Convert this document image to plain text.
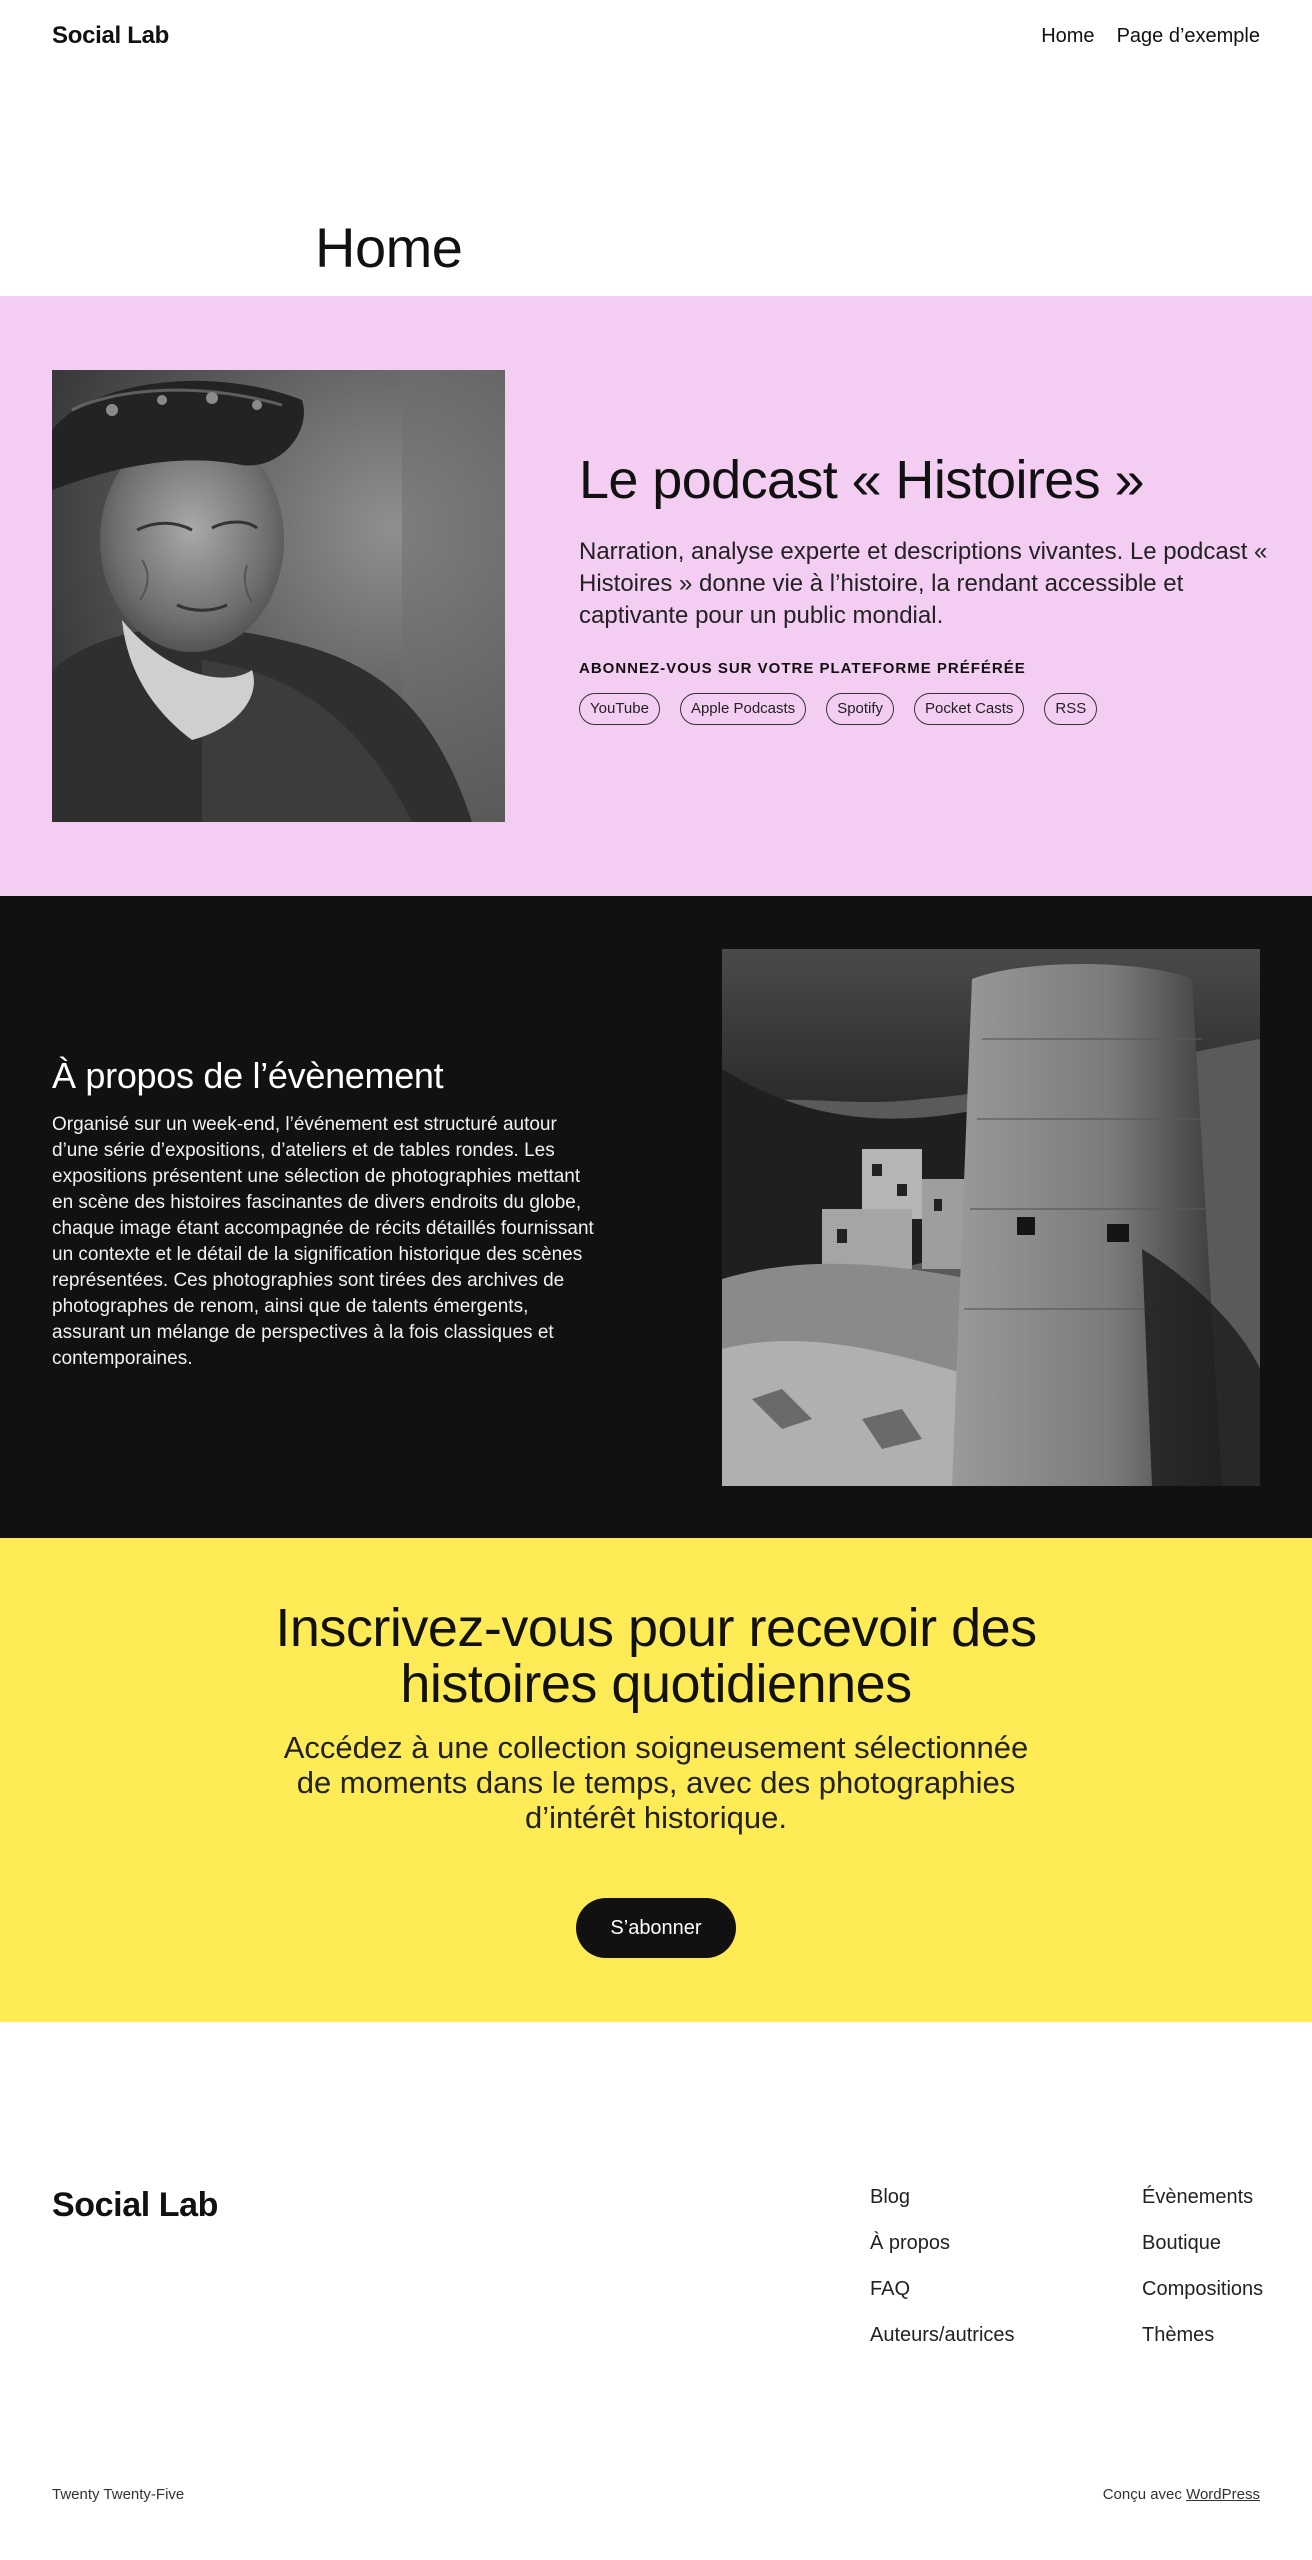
Social Lab	Home Page d’exemple
Home
Le podcast « Histoires »

Narration, analyse experte et descriptions vivantes. Le podcast « Histoires » donne vie à l’histoire, la rendant accessible et captivante pour un public mondial.

ABONNEZ-VOUS SUR VOTRE PLATEFORME PRÉFÉRÉE

YouTube	Apple Podcasts	Spotify	Pocket Casts	RSS
À propos de l’évènement

Organisé sur un week-end, l’événement est structuré autour d’une série d’expositions, d’ateliers et de tables rondes. Les expositions présentent une sélection de photographies mettant en scène des histoires fascinantes de divers endroits du globe, chaque image étant accompagnée de récits détaillés fournissant un contexte et le détail de la signification historique des scènes représentées. Ces photographies sont tirées des archives de photographes de renom, ainsi que de talents émergents, assurant un mélange de perspectives à la fois classiques et contemporaines.

Inscrivez-vous pour recevoir des histoires quotidiennes

Accédez à une collection soigneusement sélectionnée de moments dans le temps, avec des photographies d’intérêt historique.

S’abonner
Social Lab	Blog
À propos
FAQ
Auteurs/autrices
Évènements
Boutique
Compositions
Thèmes

Twenty Twenty-Five	Conçu avec WordPress
